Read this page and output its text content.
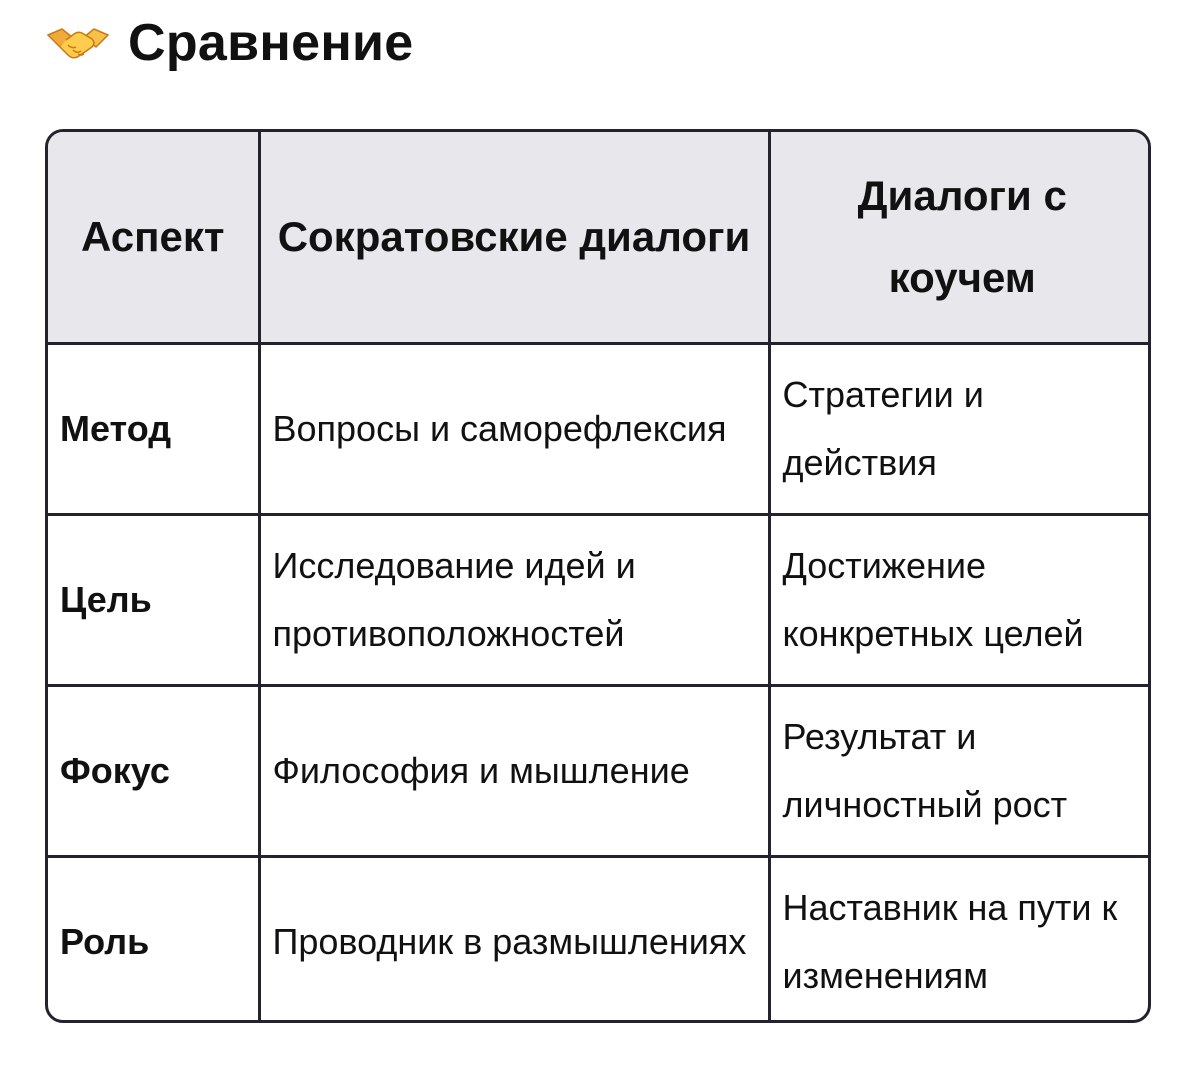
Сравнение
Аспект	Сократовские диалоги	Диалоги с коучем
Метод	Вопросы и саморефлексия	Стратегии и действия
Цель	Исследование идей и противоположностей	Достижение конкретных целей
Фокус	Философия и мышление	Результат и личностный рост
Роль	Проводник в размышлениях	Наставник на пути к изменениям
